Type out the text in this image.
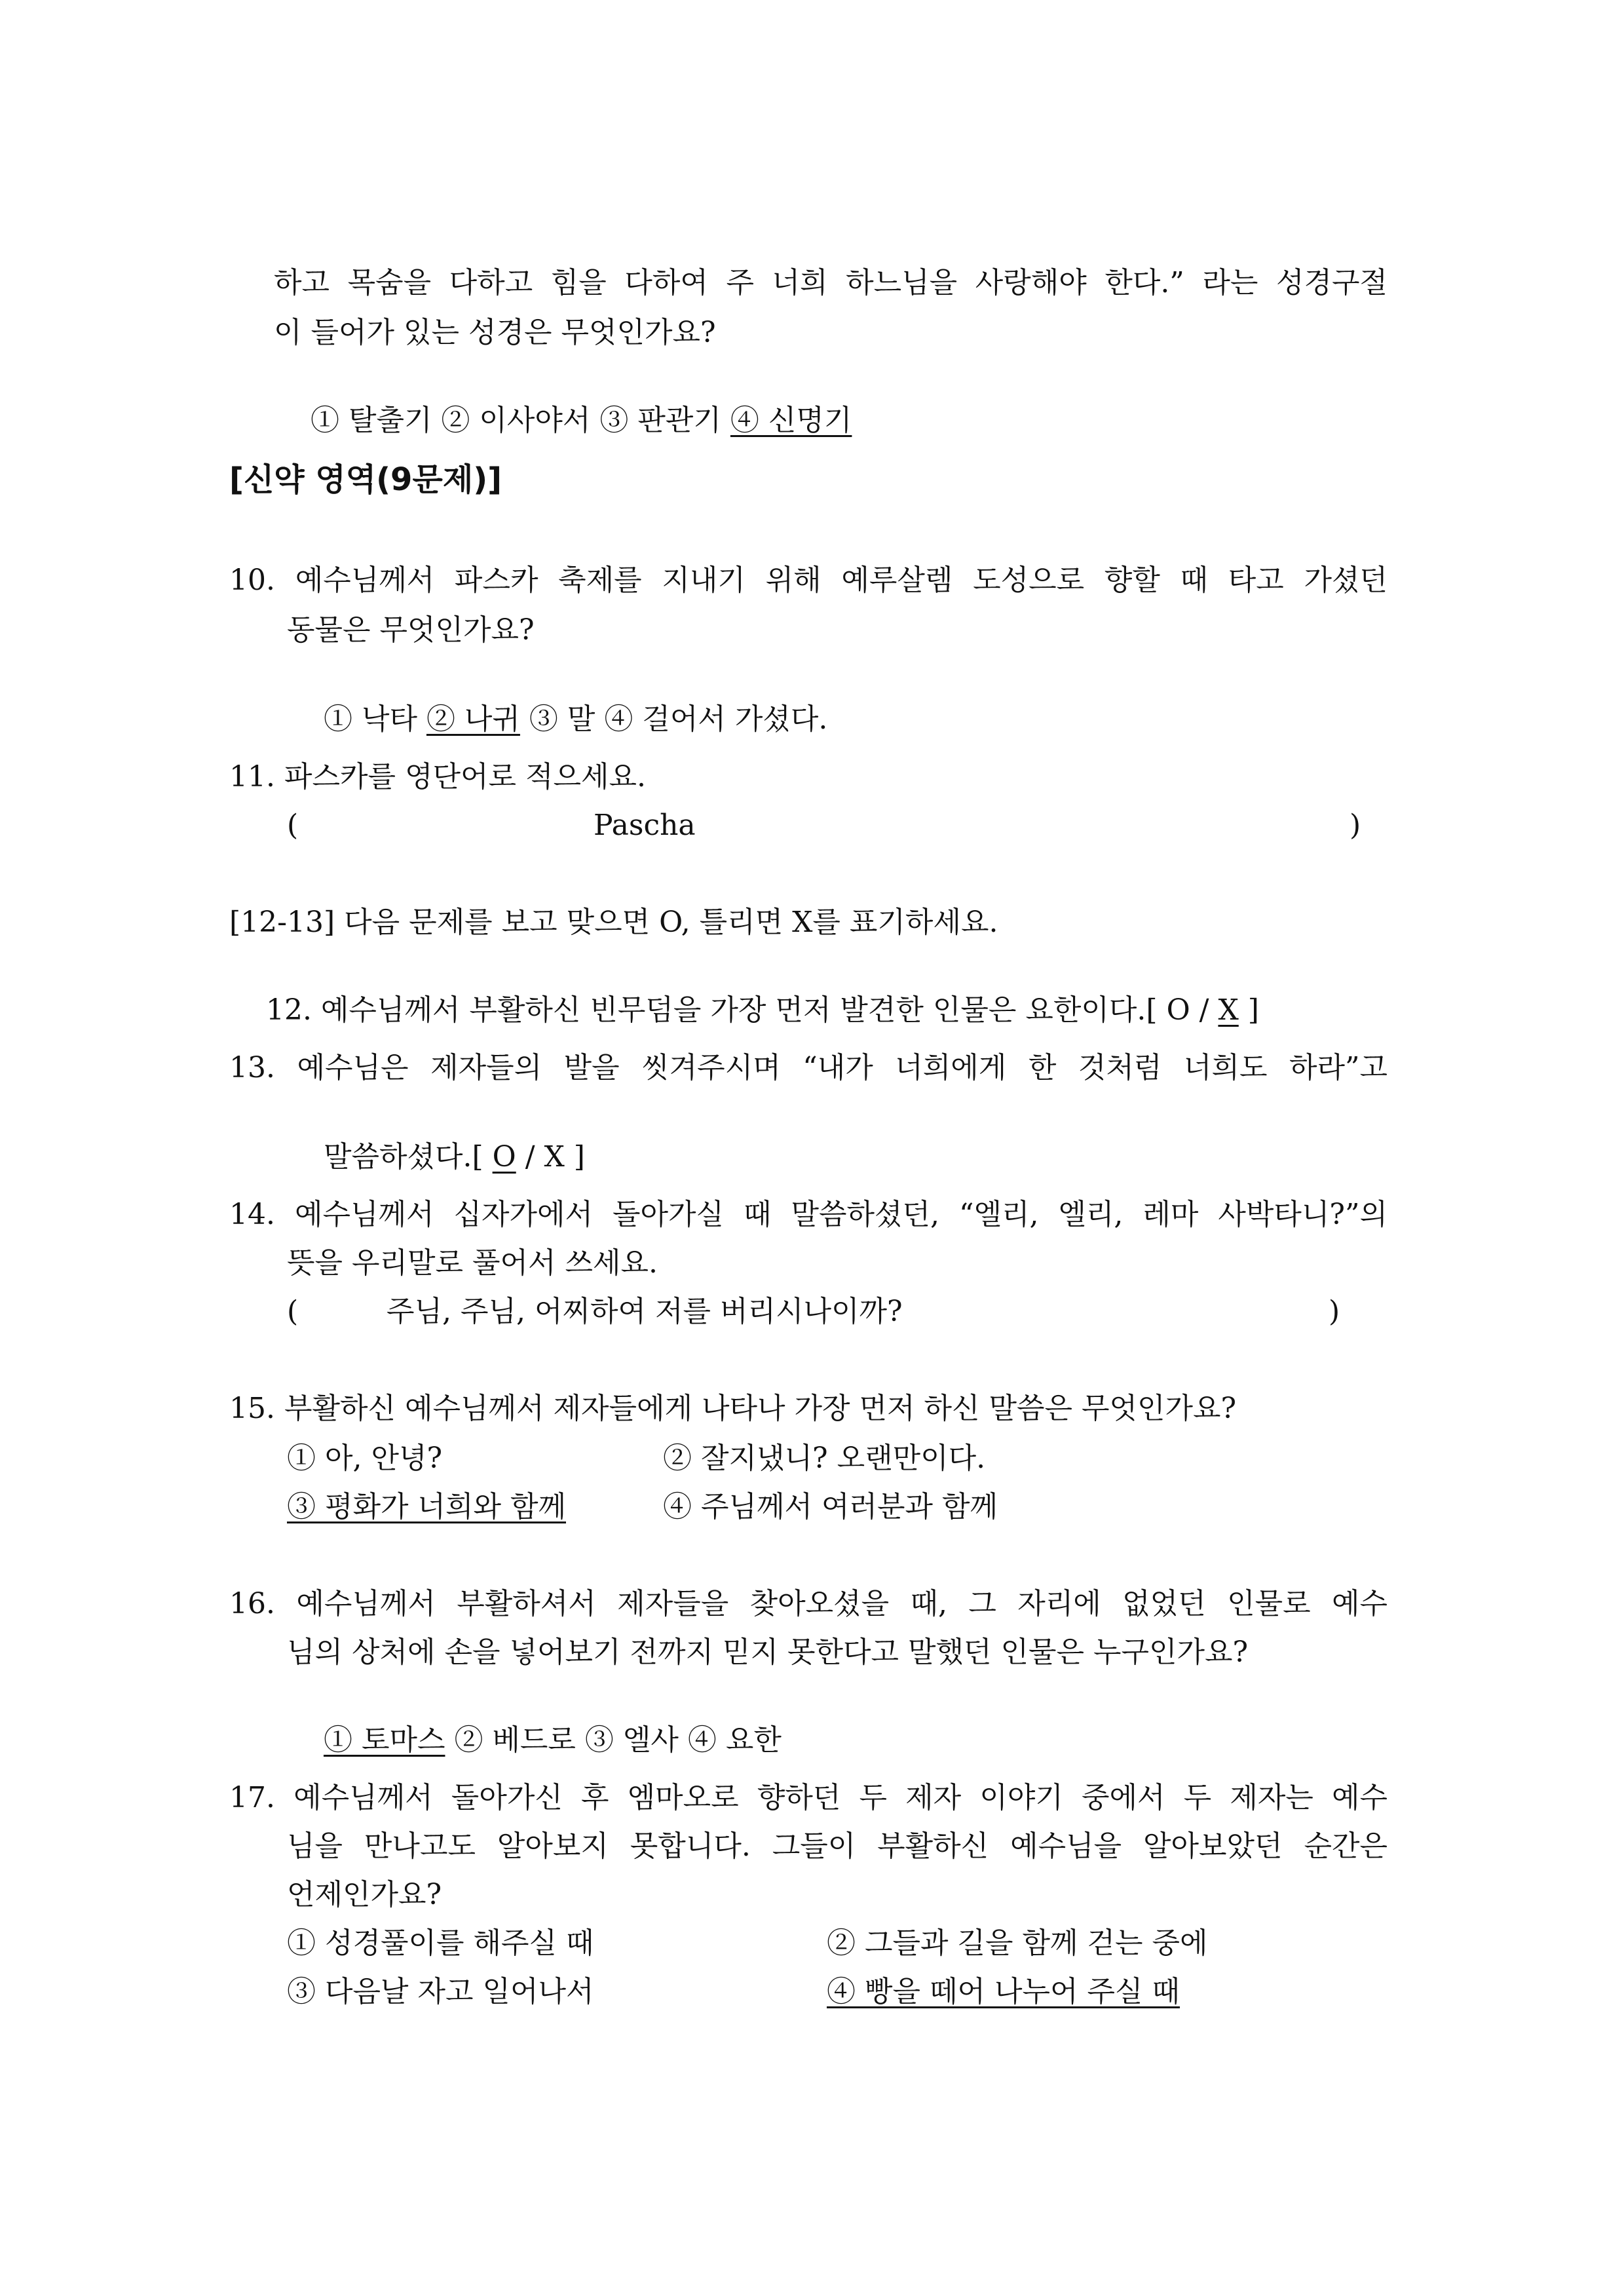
하고 목숨을 다하고 힘을 다하여 주 너희 하느님을 사랑해야 한다.” 라는 성경구절
이 들어가 있는 성경은 무엇인가요?

① 탈출기 ② 이사야서 ③ 판관기 ④ 신명기

[신약 영역(9문제)]
10. 예수님께서 파스카 축제를 지내기 위해 예루살렘 도성으로 향할 때 타고 가셨던
동물은 무엇인가요?

① 낙타 ② 나귀 ③ 말 ④ 걸어서 가셨다.

11. 파스카를 영단어로 적으세요.

(

	Pascha

	)

[12-13] 다음 문제를 보고 맞으면 O, 틀리면 X를 표기하세요.

12. 예수님께서 부활하신 빈무덤을 가장 먼저 발견한 인물은 요한이다.[ O / X ]

13. 예수님은 제자들의 발을 씻겨주시며 “내가 너희에게 한 것처럼 너희도 하라”고

말씀하셨다.[ O / X ]

14. 예수님께서 십자가에서 돌아가실 때 말씀하셨던, “엘리, 엘리, 레마 사박타니?”의
뜻을 우리말로 풀어서 쓰세요.

(

	주님, 주님, 어찌하여 저를 버리시나이까?

	)

15. 부활하신 예수님께서 제자들에게 나타나 가장 먼저 하신 말씀은 무엇인가요?
① 아, 안녕?	② 잘지냈니? 오랜만이다.
③ 평화가 너희와 함께	④ 주님께서 여러분과 함께
16. 예수님께서 부활하셔서 제자들을 찾아오셨을 때, 그 자리에 없었던 인물로 예수
님의 상처에 손을 넣어보기 전까지 믿지 못한다고 말했던 인물은 누구인가요?

① 토마스 ② 베드로 ③ 엘사 ④ 요한

17. 예수님께서 돌아가신 후 엠마오로 향하던 두 제자 이야기 중에서 두 제자는 예수
님을 만나고도 알아보지 못합니다. 그들이 부활하신 예수님을 알아보았던 순간은
언제인가요?
① 성경풀이를 해주실 때	② 그들과 길을 함께 걷는 중에
③ 다음날 자고 일어나서	④ 빵을 떼어 나누어 주실 때
